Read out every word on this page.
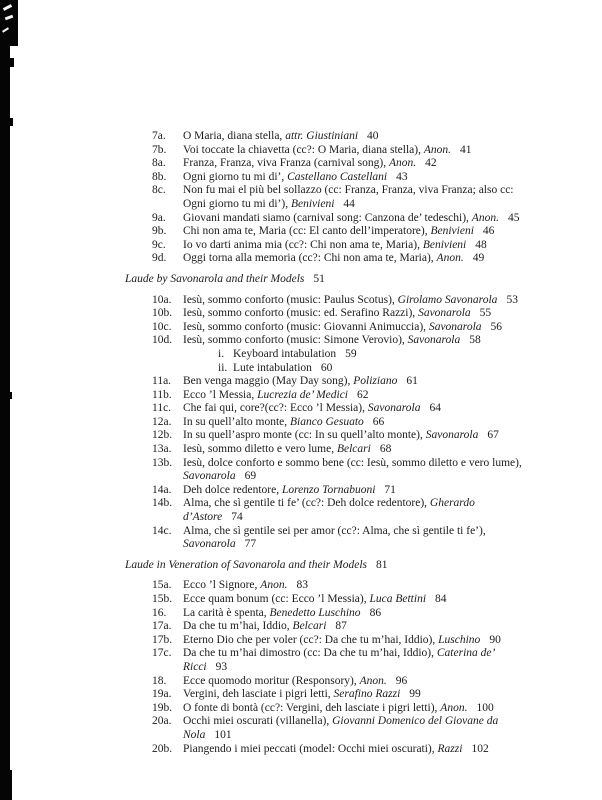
7a. O Maria, diana stella, attr. Giustiniani 40
7b. Voi toccate la chiavetta (cc?: O Maria, diana stella), Anon. 41
8a. Franza, Franza, viva Franza (carnival song), Anon. 42
8b. Ogni giorno tu mi di’, Castellano Castellani 43
8c. Non fu mai el più bel sollazzo (cc: Franza, Franza, viva Franza; also cc: Ogni giorno tu mi di’), Benivieni 44
9a. Giovani mandati siamo (carnival song: Canzona de’ tedeschi), Anon. 45
9b. Chi non ama te, Maria (cc: El canto dell’imperatore), Benivieni 46
9c. Io vo darti anima mia (cc?: Chi non ama te, Maria), Benivieni 48
9d. Oggi torna alla memoria (cc?: Chi non ama te, Maria), Anon. 49
Laude by Savonarola and their Models 51
10a. Iesù, sommo conforto (music: Paulus Scotus), Girolamo Savonarola 53
10b. Iesù, sommo conforto (music: ed. Serafino Razzi), Savonarola 55
10c. Iesù, sommo conforto (music: Giovanni Animuccia), Savonarola 56
10d. Iesù, sommo conforto (music: Simone Verovio), Savonarola 58
i. Keyboard intabulation 59
ii. Lute intabulation 60
11a. Ben venga maggio (May Day song), Poliziano 61
11b. Ecco ’l Messia, Lucrezia de’ Medici 62
11c. Che fai qui, core?(cc?: Ecco ’l Messia), Savonarola 64
12a. In su quell’alto monte, Bianco Gesuato 66
12b. In su quell’aspro monte (cc: In su quell’alto monte), Savonarola 67
13a. Iesù, sommo diletto e vero lume, Belcari 68
13b. Iesù, dolce conforto e sommo bene (cc: Iesù, sommo diletto e vero lume), Savonarola 69
14a. Deh dolce redentore, Lorenzo Tornabuoni 71
14b. Alma, che sì gentile ti fe’ (cc?: Deh dolce redentore), Gherardo d’Astore 74
14c. Alma, che sì gentile sei per amor (cc?: Alma, che sì gentile ti fe’), Savonarola 77
Laude in Veneration of Savonarola and their Models 81
15a. Ecco ’l Signore, Anon. 83
15b. Ecce quam bonum (cc: Ecco ’l Messia), Luca Bettini 84
16. La carità è spenta, Benedetto Luschino 86
17a. Da che tu m’hai, Iddio, Belcari 87
17b. Eterno Dio che per voler (cc?: Da che tu m’hai, Iddio), Luschino 90
17c. Da che tu m’hai dimostro (cc: Da che tu m’hai, Iddio), Caterina de’ Ricci 93
18. Ecce quomodo moritur (Responsory), Anon. 96
19a. Vergini, deh lasciate i pigri letti, Serafino Razzi 99
19b. O fonte di bontà (cc?: Vergini, deh lasciate i pigri letti), Anon. 100
20a. Occhi miei oscurati (villanella), Giovanni Domenico del Giovane da Nola 101
20b. Piangendo i miei peccati (model: Occhi miei oscurati), Razzi 102
